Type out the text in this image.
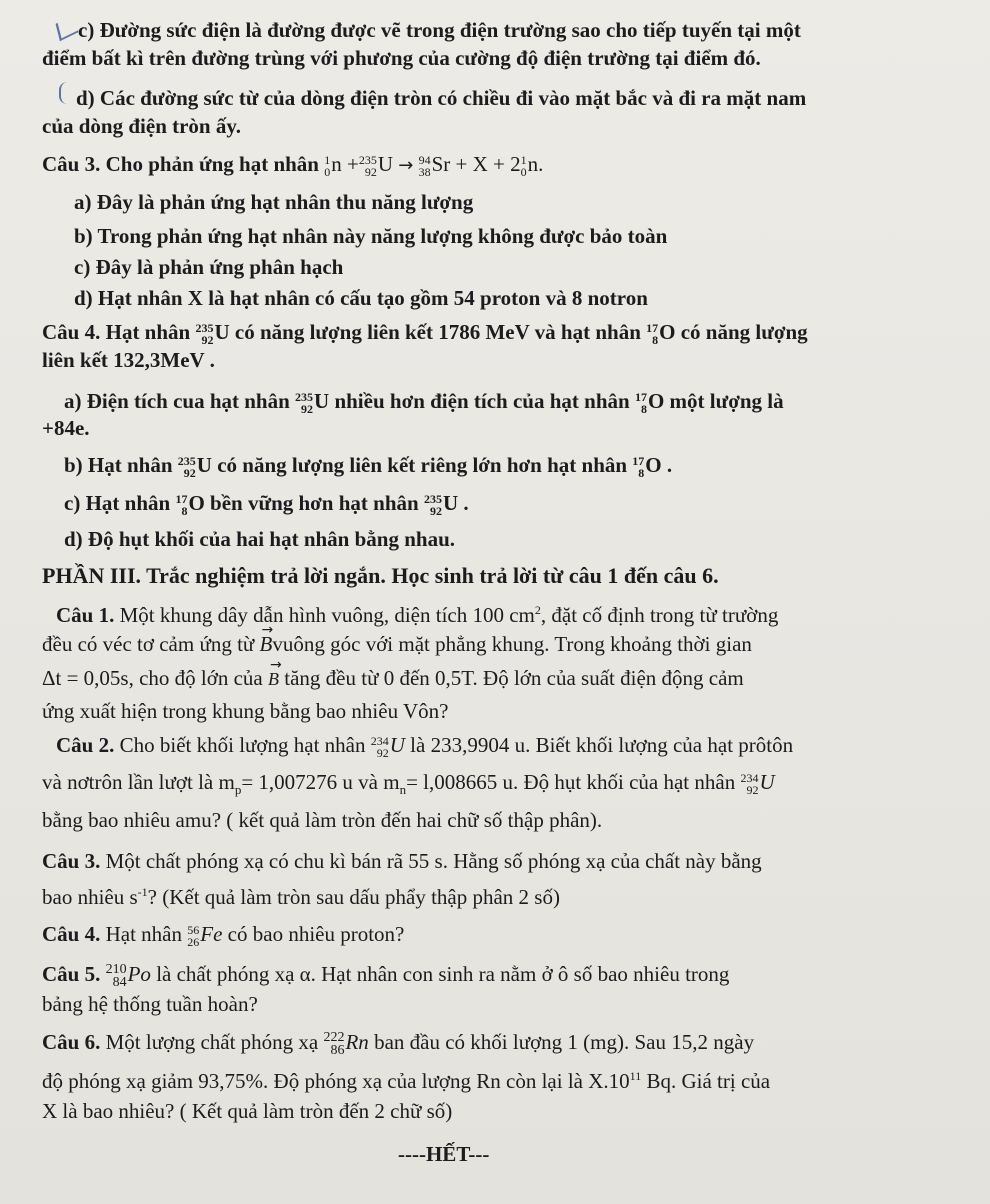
c) Đường sức điện là đường được vẽ trong điện trường sao cho tiếp tuyến tại một
điểm bất kì trên đường trùng với phương của cường độ điện trường tại điểm đó.
d) Các đường sức từ của dòng điện tròn có chiều đi vào mặt bắc và đi ra mặt nam
của dòng điện tròn ấy.
Câu 3. Cho phản ứng hạt nhân 1
0 n + 235
92 U → 94
38 Sr + X + 2 1
0 n.
a) Đây là phản ứng hạt nhân thu năng lượng
b) Trong phản ứng hạt nhân này năng lượng không được bảo toàn
c) Đây là phản ứng phân hạch
d) Hạt nhân X là hạt nhân có cấu tạo gồm 54 proton và 8 notron
Câu 4. Hạt nhân 235
92 U có năng lượng liên kết 1786 MeV và hạt nhân 17
8 O có năng lượng
liên kết 132,3MeV .
a) Điện tích cua hạt nhân 235
92 U nhiều hơn điện tích của hạt nhân 17
8 O một lượng là
+84e.
b) Hạt nhân 235
92 U có năng lượng liên kết riêng lớn hơn hạt nhân 17
8 O .
c) Hạt nhân 17
8 O bền vững hơn hạt nhân 235
92 U .
d) Độ hụt khối của hai hạt nhân bằng nhau.
PHẦN III. Trắc nghiệm trả lời ngắn. Học sinh trả lời từ câu 1 đến câu 6.
Câu 1. Một khung dây dẫn hình vuông, diện tích 100 $cm^2$, đặt cố định trong từ trường
đều có véc tơ cảm ứng từ → Bvuông góc với mặt phẳng khung. Trong khoảng thời gian
Δt = 0,05s, cho độ lớn của → B tăng đều từ 0 đến 0,5T. Độ lớn của suất điện động cảm
ứng xuất hiện trong khung bằng bao nhiêu Vôn?
Câu 2. Cho biết khối lượng hạt nhân 234
92 U là 233,9904 u. Biết khối lượng của hạt prôtôn
và nơtrôn lần lượt là $m_p= 1,007276$ u và $m_n= l,008665$ u. Độ hụt khối của hạt nhân 234
92 U
bằng bao nhiêu amu? ( kết quả làm tròn đến hai chữ số thập phân).
Câu 3. Một chất phóng xạ có chu kì bán rã 55 s. Hằng số phóng xạ của chất này bằng
bao nhiêu $s^{-1}$? (Kết quả làm tròn sau dấu phẩy thập phân 2 số)
Câu 4. Hạt nhân 56
26 Fe có bao nhiêu proton?
Câu 5. 210
84 Po là chất phóng xạ α. Hạt nhân con sinh ra nằm ở ô số bao nhiêu trong
bảng hệ thống tuần hoàn?
Câu 6. Một lượng chất phóng xạ 222
86 Rn ban đầu có khối lượng 1 (mg). Sau 15,2 ngày
độ phóng xạ giảm 93,75%. Độ phóng xạ của lượng Rn còn lại là $X.10^{11}$ Bq. Giá trị của
X là bao nhiêu? ( Kết quả làm tròn đến 2 chữ số)
----HẾT---
